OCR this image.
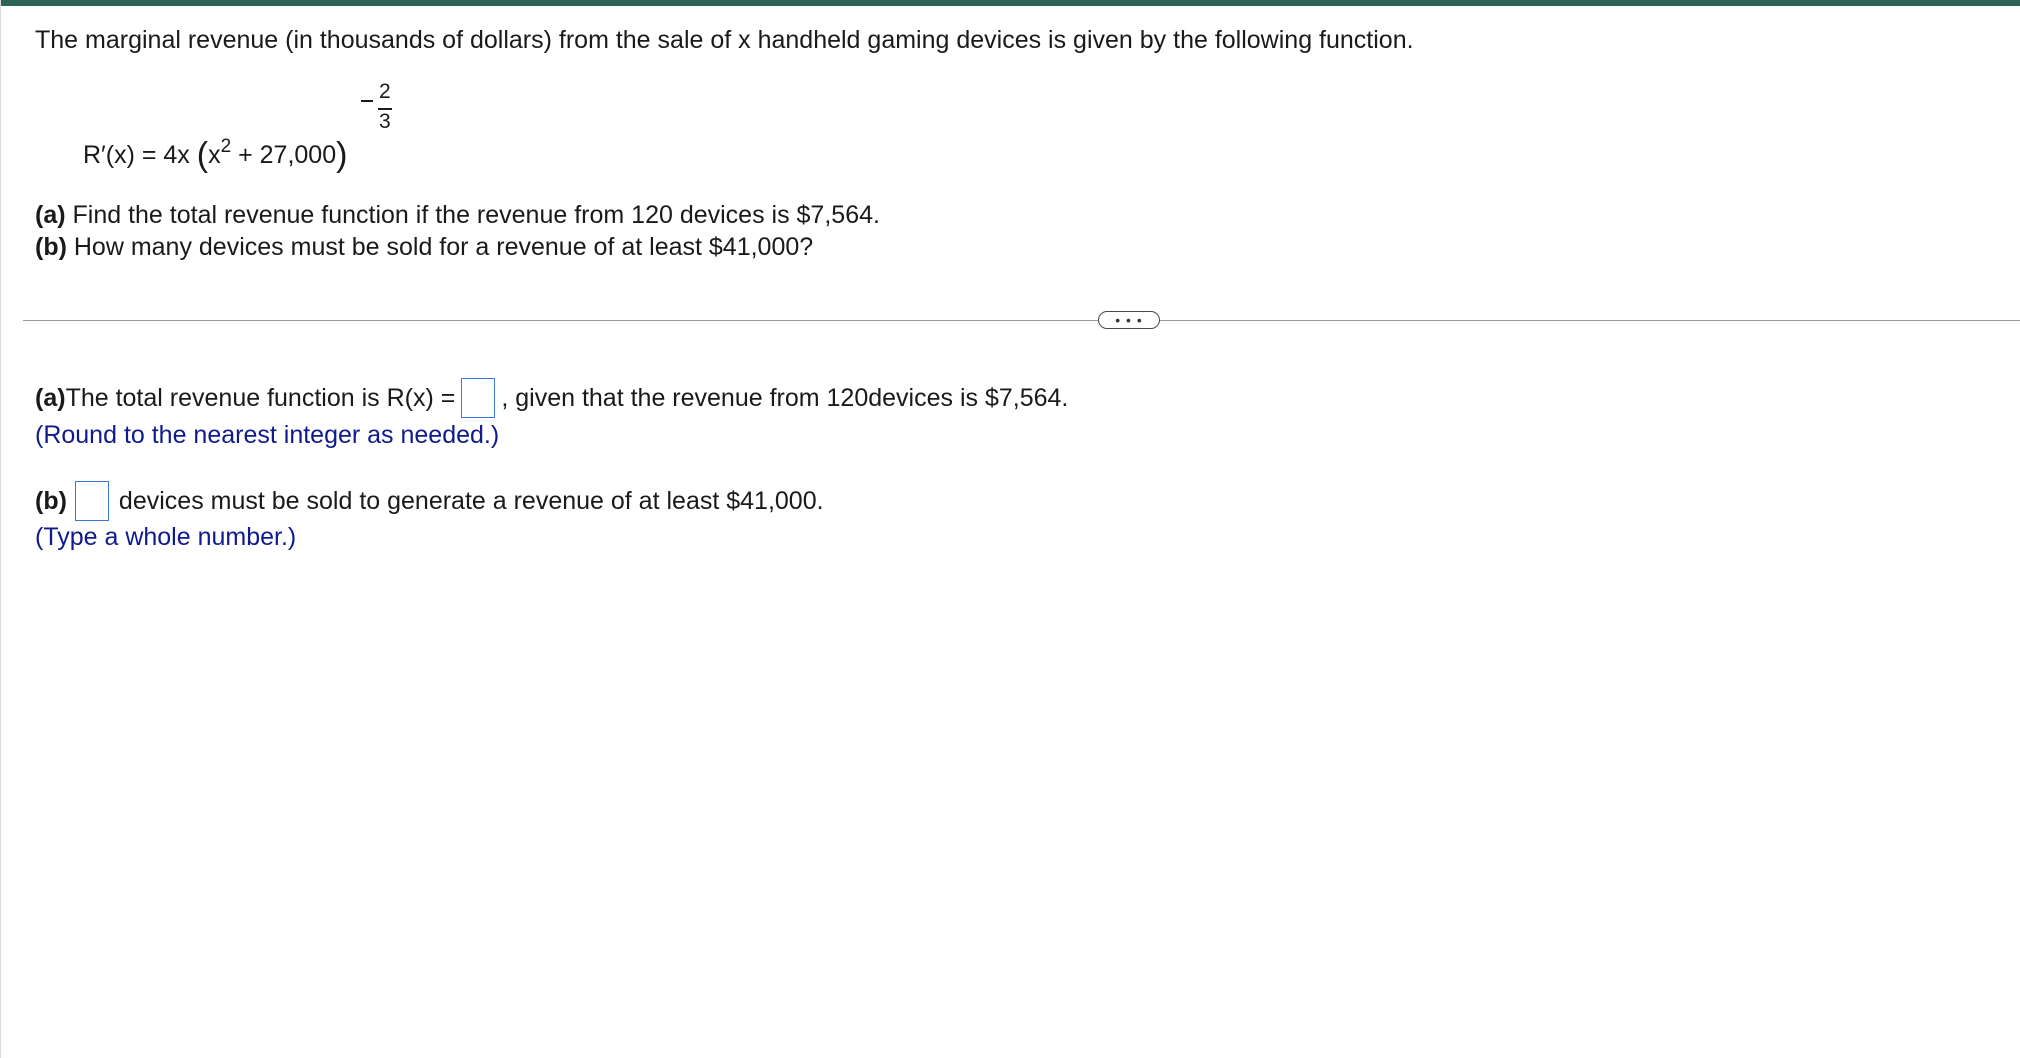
The marginal revenue (in thousands of dollars) from the sale of x handheld gaming devices is given by the following function.
R′(x) = 4x $(x^2 + 27,000)$
2
3
(a) Find the total revenue function if the revenue from 120 devices is $7,564.
(b) How many devices must be sold for a revenue of at least $41,000?
• • •
(a) The total revenue function is R(x) = , given that the revenue from 120devices is $7,564.
(Round to the nearest integer as needed.)
(b) devices must be sold to generate a revenue of at least $41,000.
(Type a whole number.)
